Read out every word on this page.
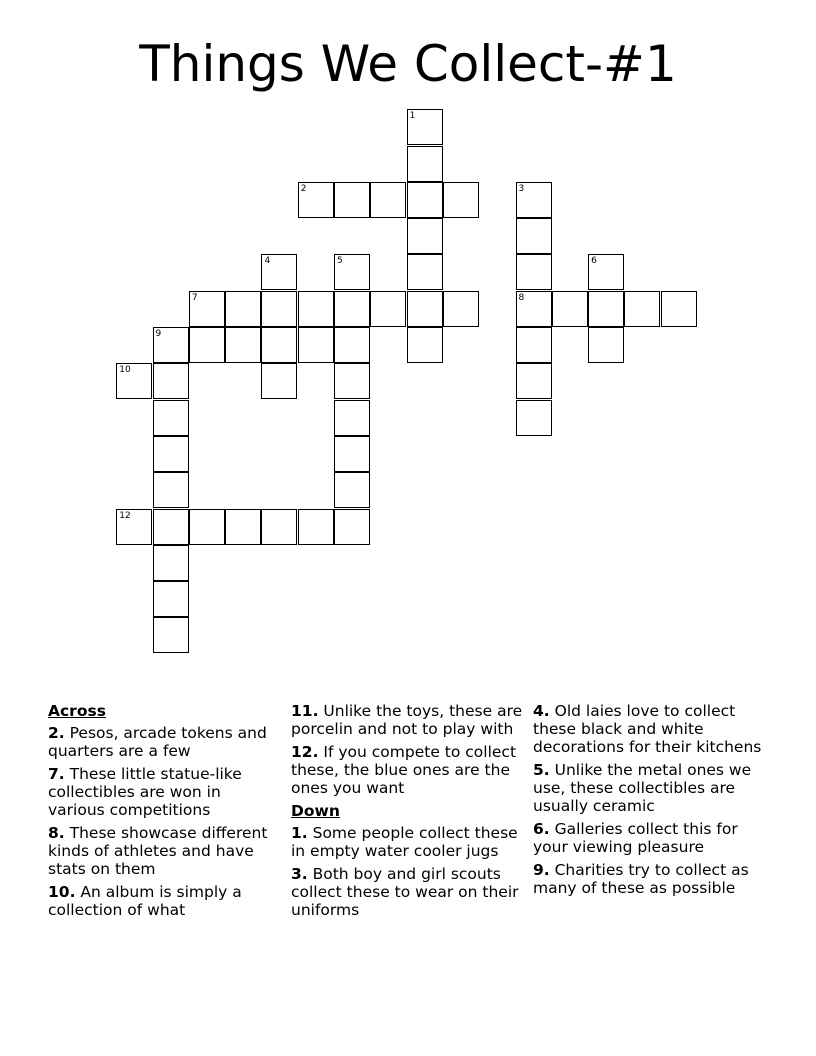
Things We Collect-#1
1
2	3
8
7
4	5	6
9
10
12
Across
2. Pesos, arcade tokens and quarters are a few
7. These little statue-like collectibles are won in various competitions
8. These showcase different kinds of athletes and have stats on them
10. An album is simply a collection of what
11. Unlike the toys, these are porcelin and not to play with
12. If you compete to collect these, the blue ones are the ones you want
Down
1. Some people collect these in empty water cooler jugs
3. Both boy and girl scouts collect these to wear on their uniforms
4. Old laies love to collect these black and white decorations for their kitchens
5. Unlike the metal ones we use, these collectibles are usually ceramic
6. Galleries collect this for your viewing pleasure
9. Charities try to collect as many of these as possible
